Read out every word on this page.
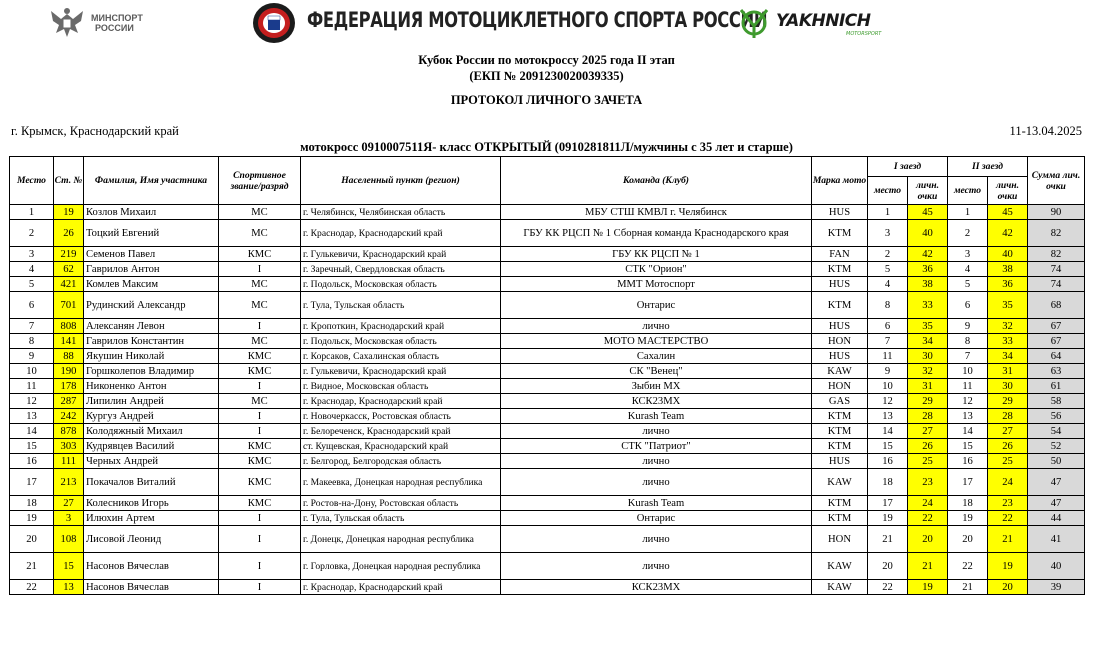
МИНСПОРТ
РОССИИ	ФЕДЕРАЦИЯ МОТОЦИКЛЕТНОГО СПОРТА РОССИИ YAKHNICH
MOTORSPORT
Кубок России по мотокроссу 2025 года II этап
(ЕКП № 2091230020039335)
ПРОТОКОЛ ЛИЧНОГО ЗАЧЕТА
г. Крымск, Краснодарский край	11-13.04.2025
мотокросс 0910007511Я- класс ОТКРЫТЫЙ (0910281811Л/мужчины с 35 лет и старше)
Место	Ст. №	Фамилия, Имя участника	Спортивное звание/разряд	Населенный пункт (регион)	Команда (Клуб)	Марка мото	I заезд		II заезд		Сумма лич. очки
							место	личн. очки	место	личн. очки	
1	19	Козлов Михаил	МС	г. Челябинск, Челябинская область	МБУ СТШ КМВЛ г. Челябинск	HUS	1	45	1	45	90
2	26	Тоцкий Евгений	МС	г. Краснодар, Краснодарский край	ГБУ КК РЦСП № 1 Сборная команда Краснодарского края	KTM	3	40	2	42	82
3	219	Семенов Павел	КМС	г. Гулькевичи, Краснодарский край	ГБУ КК РЦСП № 1	FAN	2	42	3	40	82
4	62	Гаврилов Антон	I	г. Заречный, Свердловская область	СТК "Орион"	KTM	5	36	4	38	74
5	421	Комлев Максим	МС	г. Подольск, Московская область	ММТ Мотоспорт	HUS	4	38	5	36	74
6	701	Рудинский Александр	МС	г. Тула, Тульская область	Онтарис	KTM	8	33	6	35	68
7	808	Алексанян Левон	I	г. Кропоткин, Краснодарский край	лично	HUS	6	35	9	32	67
8	141	Гаврилов Константин	МС	г. Подольск, Московская область	МОТО МАСТЕРСТВО	HON	7	34	8	33	67
9	88	Якушин Николай	КМС	г. Корсаков, Сахалинская область	Сахалин	HUS	11	30	7	34	64
10	190	Горшколепов Владимир	КМС	г. Гулькевичи, Краснодарский край	СК "Венец"	KAW	9	32	10	31	63
11	178	Никоненко Антон	I	г. Видное, Московская область	Зыбин МХ	HON	10	31	11	30	61
12	287	Липилин Андрей	МС	г. Краснодар, Краснодарский край	КСК23МХ	GAS	12	29	12	29	58
13	242	Кургуз Андрей	I	г. Новочеркасск, Ростовская область	Kurash Team	KTM	13	28	13	28	56
14	878	Колодяжный Михаил	I	г. Белореченск, Краснодарский край	лично	KTM	14	27	14	27	54
15	303	Кудрявцев Василий	КМС	ст. Кущевская, Краснодарский край	СТК "Патриот"	KTM	15	26	15	26	52
16	111	Черных Андрей	КМС	г. Белгород, Белгородская область	лично	HUS	16	25	16	25	50
17	213	Покачалов Виталий	КМС	г. Макеевка, Донецкая народная республика	лично	KAW	18	23	17	24	47
18	27	Колесников Игорь	КМС	г. Ростов-на-Дону, Ростовская область	Kurash Team	KTM	17	24	18	23	47
19	3	Илюхин Артем	I	г. Тула, Тульская область	Онтарис	KTM	19	22	19	22	44
20	108	Лисовой Леонид	I	г. Донецк, Донецкая народная республика	лично	HON	21	20	20	21	41
21	15	Насонов Вячеслав	I	г. Горловка, Донецкая народная республика	лично	KAW	20	21	22	19	40
22	13	Насонов Вячеслав	I	г. Краснодар, Краснодарский край	КСК23МХ	KAW	22	19	21	20	39
